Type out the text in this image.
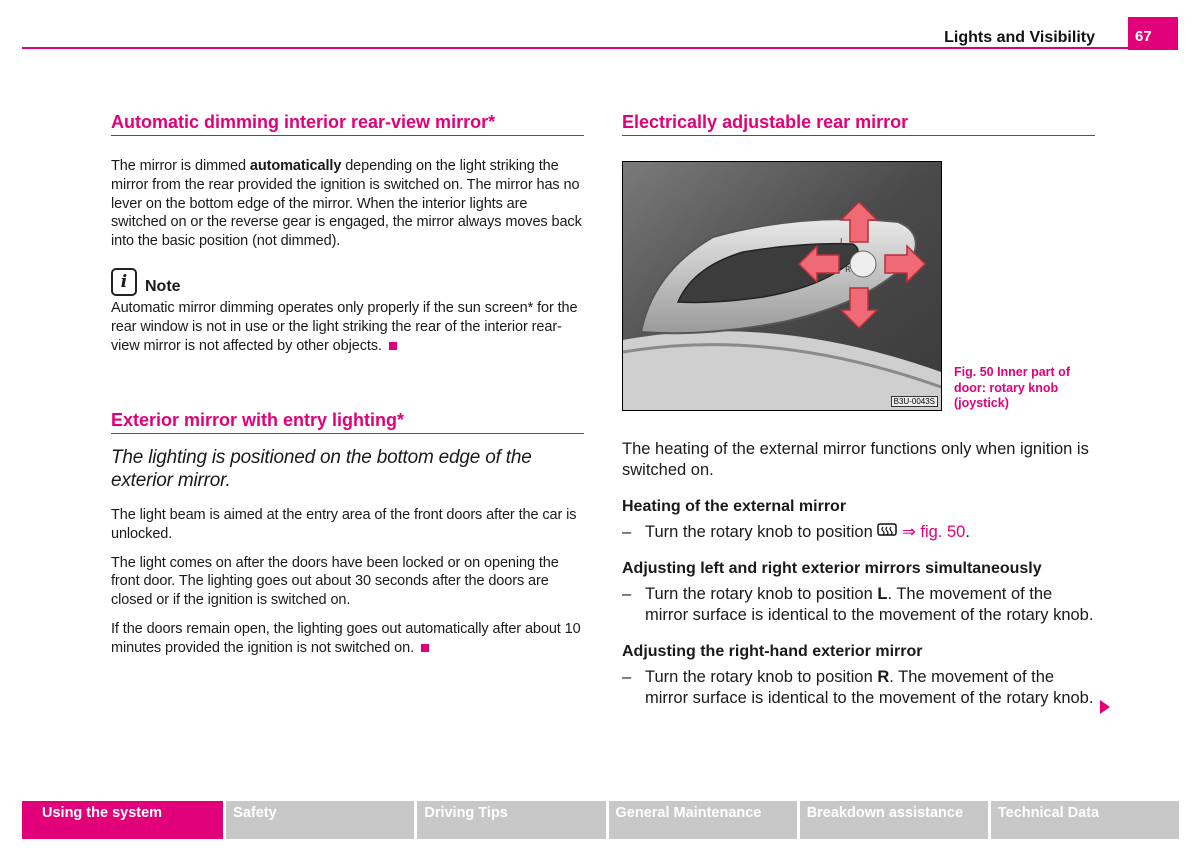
Lights and Visibility	67
Automatic dimming interior rear-view mirror*

The mirror is dimmed automatically depending on the light striking the mirror from the rear provided the ignition is switched on. The mirror has no lever on the bottom edge of the mirror. When the interior lights are switched on or the reverse gear is engaged, the mirror always moves back into the basic position (not dimmed).

i	Note

Automatic mirror dimming operates only properly if the sun screen* for the rear window is not in use or the light striking the rear of the interior rear-view mirror is not affected by other objects.

Exterior mirror with entry lighting*

The lighting is positioned on the bottom edge of the exterior mirror.

The light beam is aimed at the entry area of the front doors after the car is unlocked.

The light comes on after the doors have been locked or on opening the front door. The lighting goes out about 30 seconds after the doors are closed or if the ignition is switched on.

If the doors remain open, the lighting goes out automatically after about 10 minutes provided the ignition is not switched on.

Electrically adjustable rear mirror
L
R
B3U-0043S
Fig. 50 Inner part of door: rotary knob (joystick)

The heating of the external mirror functions only when ignition is switched on.

Heating of the external mirror

– Turn the rotary knob to position ⇒ fig. 50.

Adjusting left and right exterior mirrors simultaneously

– Turn the rotary knob to position L. The movement of the mirror surface is identical to the movement of the rotary knob.

Adjusting the right-hand exterior mirror

– Turn the rotary knob to position R. The movement of the mirror surface is identical to the movement of the rotary knob.
Using the system	Safety	Driving Tips	General Maintenance	Breakdown assistance	Technical Data
